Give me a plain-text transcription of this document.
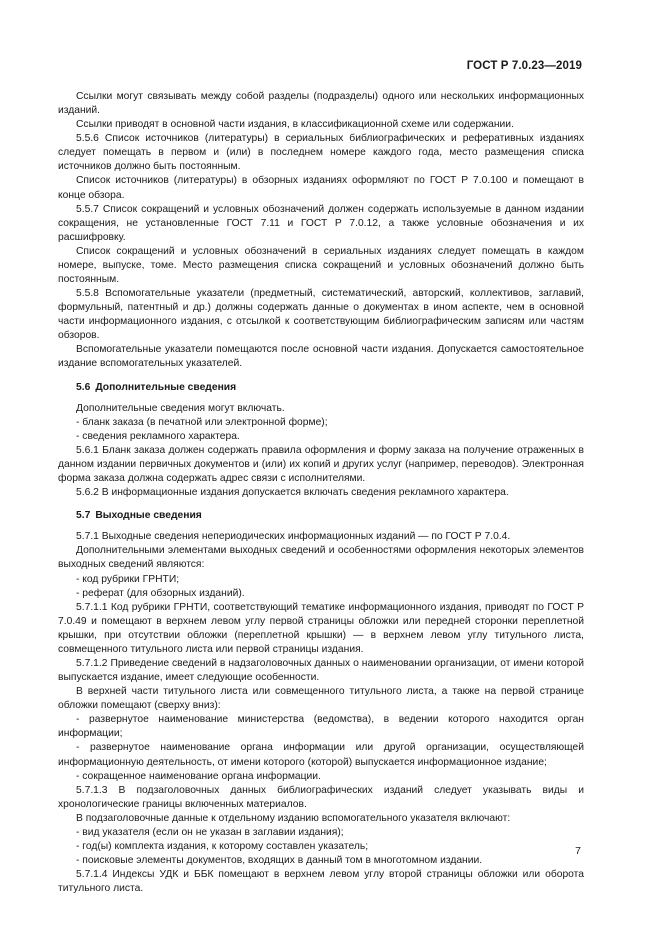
ГОСТ Р 7.0.23—2019

Ссылки могут связывать между собой разделы (подразделы) одного или нескольких информационных изданий.

Ссылки приводят в основной части издания, в классификационной схеме или содержании.

5.5.6 Список источников (литературы) в сериальных библиографических и реферативных изданиях следует помещать в первом и (или) в последнем номере каждого года, место размещения списка источников должно быть постоянным.

Список источников (литературы) в обзорных изданиях оформляют по ГОСТ Р 7.0.100 и помещают в конце обзора.

5.5.7 Список сокращений и условных обозначений должен содержать используемые в данном издании сокращения, не установленные ГОСТ 7.11 и ГОСТ Р 7.0.12, а также условные обозначения и их расшифровку.

Список сокращений и условных обозначений в сериальных изданиях следует помещать в каждом номере, выпуске, томе. Место размещения списка сокращений и условных обозначений должно быть постоянным.

5.5.8 Вспомогательные указатели (предметный, систематический, авторский, коллективов, заглавий, формульный, патентный и др.) должны содержать данные о документах в ином аспекте, чем в основной части информационного издания, с отсылкой к соответствующим библиографическим записям или частям обзоров.

Вспомогательные указатели помещаются после основной части издания. Допускается самостоятельное издание вспомогательных указателей.

5.6 Дополнительные сведения

Дополнительные сведения могут включать.

- бланк заказа (в печатной или электронной форме);

- сведения рекламного характера.

5.6.1 Бланк заказа должен содержать правила оформления и форму заказа на получение отраженных в данном издании первичных документов и (или) их копий и других услуг (например, переводов). Электронная форма заказа должна содержать адрес связи с исполнителями.

5.6.2 В информационные издания допускается включать сведения рекламного характера.

5.7 Выходные сведения

5.7.1 Выходные сведения непериодических информационных изданий — по ГОСТ Р 7.0.4.

Дополнительными элементами выходных сведений и особенностями оформления некоторых элементов выходных сведений являются:

- код рубрики ГРНТИ;

- реферат (для обзорных изданий).

5.7.1.1 Код рубрики ГРНТИ, соответствующий тематике информационного издания, приводят по ГОСТ Р 7.0.49 и помещают в верхнем левом углу первой страницы обложки или передней сторонки переплетной крышки, при отсутствии обложки (переплетной крышки) — в верхнем левом углу титульного листа, совмещенного титульного листа или первой страницы издания.

5.7.1.2 Приведение сведений в надзаголовочных данных о наименовании организации, от имени которой выпускается издание, имеет следующие особенности.

В верхней части титульного листа или совмещенного титульного листа, а также на первой странице обложки помещают (сверху вниз):

- развернутое наименование министерства (ведомства), в ведении которого находится орган информации;

- развернутое наименование органа информации или другой организации, осуществляющей информационную деятельность, от имени которого (которой) выпускается информационное издание;

- сокращенное наименование органа информации.

5.7.1.3 В подзаголовочных данных библиографических изданий следует указывать виды и хронологические границы включенных материалов.

В подзаголовочные данные к отдельному изданию вспомогательного указателя включают:

- вид указателя (если он не указан в заглавии издания);

- год(ы) комплекта издания, к которому составлен указатель;

- поисковые элементы документов, входящих в данный том в многотомном издании.

5.7.1.4 Индексы УДК и ББК помещают в верхнем левом углу второй страницы обложки или оборота титульного листа.

7
